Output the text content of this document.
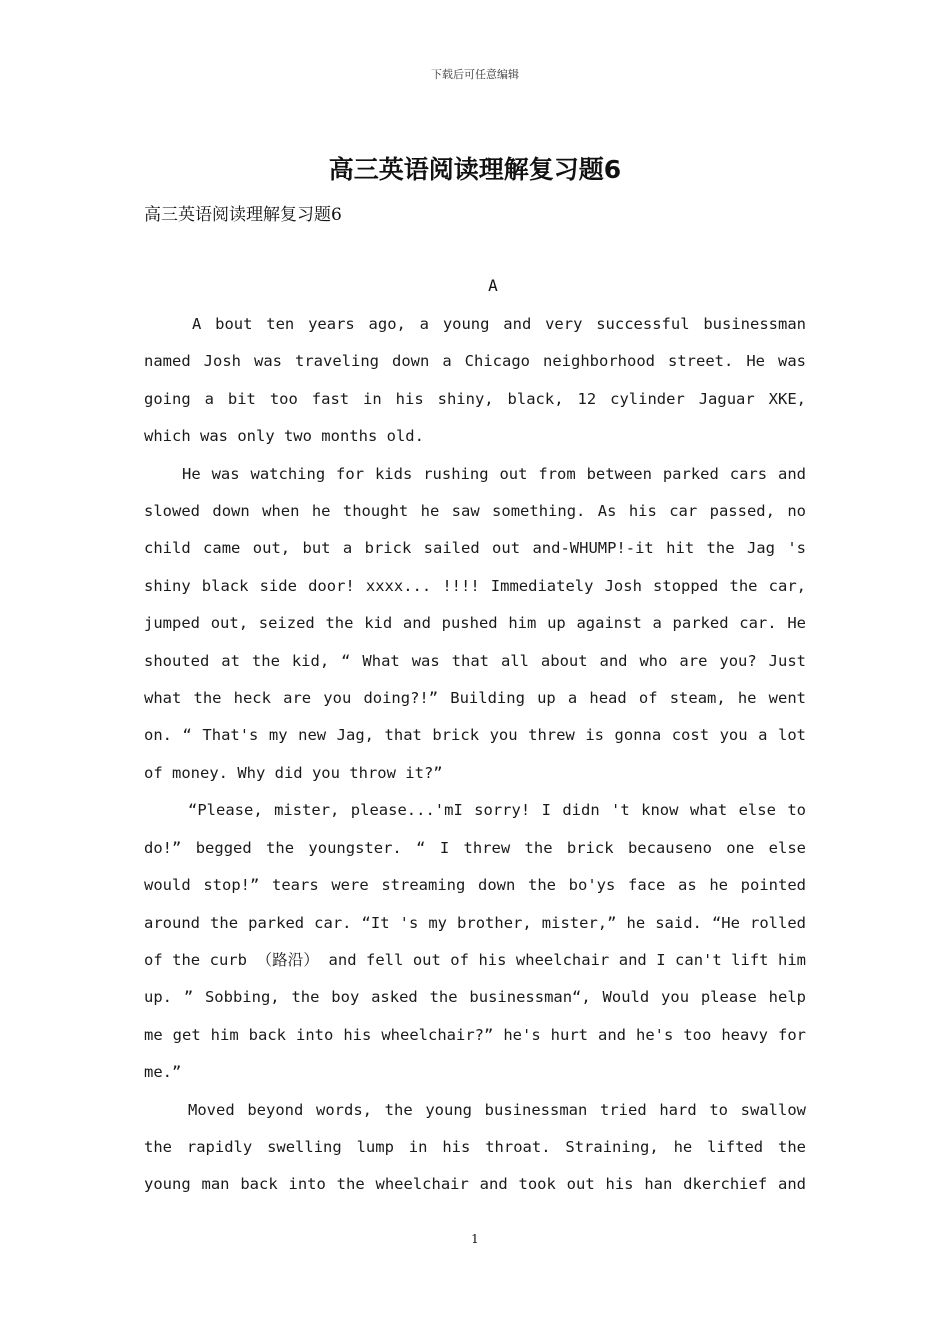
下载后可任意编辑
高三英语阅读理解复习题6
高三英语阅读理解复习题6
A

A bout ten years ago, a young and very successful businessman named Josh was traveling down a Chicago neighborhood street. He was going a bit too fast in his shiny, black, 12 cylinder Jaguar XKE, which was only two months old.

He was watching for kids rushing out from between parked cars and slowed down when he thought he saw something. As his car passed, no child came out, but a brick sailed out and-WHUMP!-it hit the Jag 's shiny black side door! xxxx... !!!! Immediately Josh stopped the car, jumped out, seized the kid and pushed him up against a parked car. He shouted at the kid, “ What was that all about and who are you? Just what the heck are you doing?!” Building up a head of steam, he went on. “ That's my new Jag, that brick you threw is gonna cost you a lot of money. Why did you throw it?”

“Please, mister, please...'mI sorry! I didn 't know what else to do!” begged the youngster. “ I threw the brick becauseno one else would stop!” tears were streaming down the bo'ys face as he pointed around the parked car. “It 's my brother, mister,” he said. “He rolled of the curb （路沿） and fell out of his wheelchair and I can't lift him up. ” Sobbing, the boy asked the businessman“, Would you please help me get him back into his wheelchair?” he's hurt and he's too heavy for me.”

Moved beyond words, the young businessman tried hard to swallow the rapidly swelling lump in his throat. Straining, he lifted the young man back into the wheelchair and took out his han dkerchief and

1
